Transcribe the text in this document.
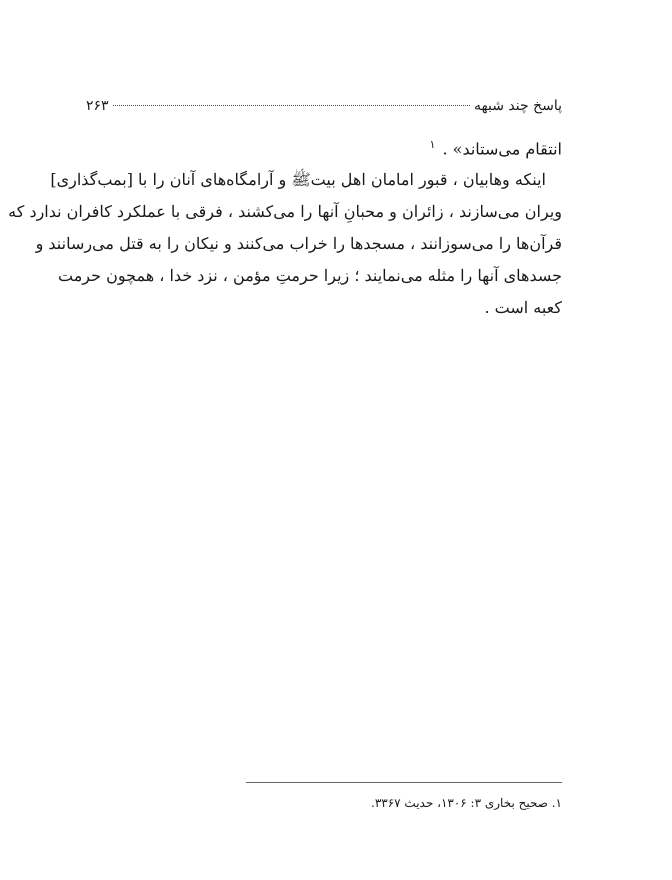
پاسخ چند شبهه
۲۶۳
انتقام می‌ستاند» . $^۱$
اینکه وهابیان ، قبور امامان اهل بیتﷺ و آرامگاه‌های آنان را با [بمب‌گذاری]
ویران می‌سازند ، زائران و محبانِ آنها را می‌کشند ، فرقی با عملکرد کافران ندارد که
قرآن‌ها را می‌سوزانند ، مسجدها را خراب می‌کنند و نیکان را به قتل می‌رسانند و
جسدهای آنها را مثله می‌نمایند ؛ زیرا حرمتِ مؤمن ، نزد خدا ، همچون حرمت
کعبه است .
۱. صحیح بخاری ۳: ۱۳۰۶، حدیث ۳۳۶۷.
